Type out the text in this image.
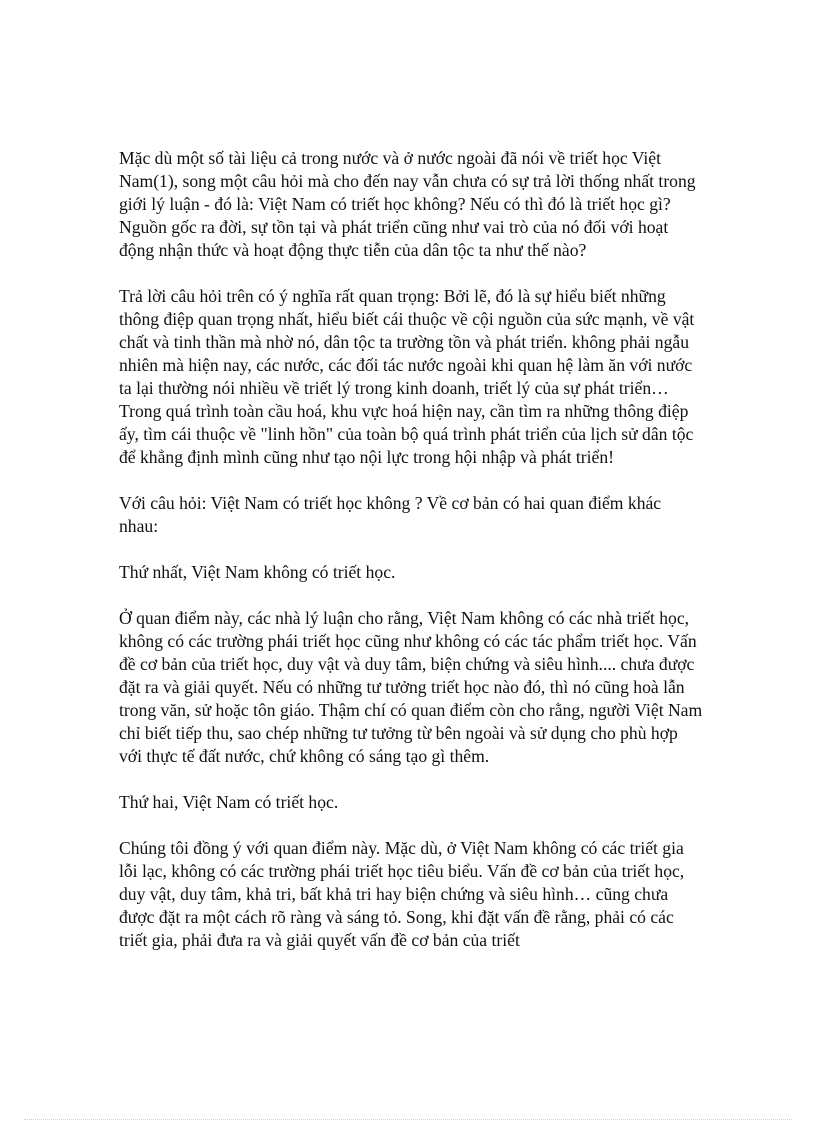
Mặc dù một số tài liệu cả trong nước và ở nước ngoài đã nói về triết học Việt Nam(1), song một câu hỏi mà cho đến nay vẫn chưa có sự trả lời thống nhất trong giới lý luận - đó là: Việt Nam có triết học không? Nếu có thì đó là triết học gì? Nguồn gốc ra đời, sự tồn tại và phát triển cũng như vai trò của nó đối với hoạt động nhận thức và hoạt động thực tiễn của dân tộc ta như thế nào?

Trả lời câu hỏi trên có ý nghĩa rất quan trọng: Bởi lẽ, đó là sự hiểu biết những thông điệp quan trọng nhất, hiểu biết cái thuộc về cội nguồn của sức mạnh, về vật chất và tinh thần mà nhờ nó, dân tộc ta trường tồn và phát triển. không phải ngẫu nhiên mà hiện nay, các nước, các đối tác nước ngoài khi quan hệ làm ăn với nước ta lại thường nói nhiều về triết lý trong kinh doanh, triết lý của sự phát triển… Trong quá trình toàn cầu hoá, khu vực hoá hiện nay, cần tìm ra những thông điệp ấy, tìm cái thuộc về "linh hồn" của toàn bộ quá trình phát triển của lịch sử dân tộc để khẳng định mình cũng như tạo nội lực trong hội nhập và phát triển!

Với câu hỏi: Việt Nam có triết học không ? Về cơ bản có hai quan điểm khác nhau:

Thứ nhất, Việt Nam không có triết học.

Ở quan điểm này, các nhà lý luận cho rằng, Việt Nam không có các nhà triết học, không có các trường phái triết học cũng như không có các tác phẩm triết học. Vấn đề cơ bản của triết học, duy vật và duy tâm, biện chứng và siêu hình.... chưa được đặt ra và giải quyết. Nếu có những tư tưởng triết học nào đó, thì nó cũng hoà lẫn trong văn, sử hoặc tôn giáo. Thậm chí có quan điểm còn cho rằng, người Việt Nam chỉ biết tiếp thu, sao chép những tư tưởng từ bên ngoài và sử dụng cho phù hợp với thực tế đất nước, chứ không có sáng tạo gì thêm.

Thứ hai, Việt Nam có triết học.

Chúng tôi đồng ý với quan điểm này. Mặc dù, ở Việt Nam không có các triết gia lỗi lạc, không có các trường phái triết học tiêu biểu. Vấn đề cơ bản của triết học, duy vật, duy tâm, khả tri, bất khả tri hay biện chứng và siêu hình… cũng chưa được đặt ra một cách rõ ràng và sáng tỏ. Song, khi đặt vấn đề rằng, phải có các triết gia, phải đưa ra và giải quyết vấn đề cơ bản của triết
